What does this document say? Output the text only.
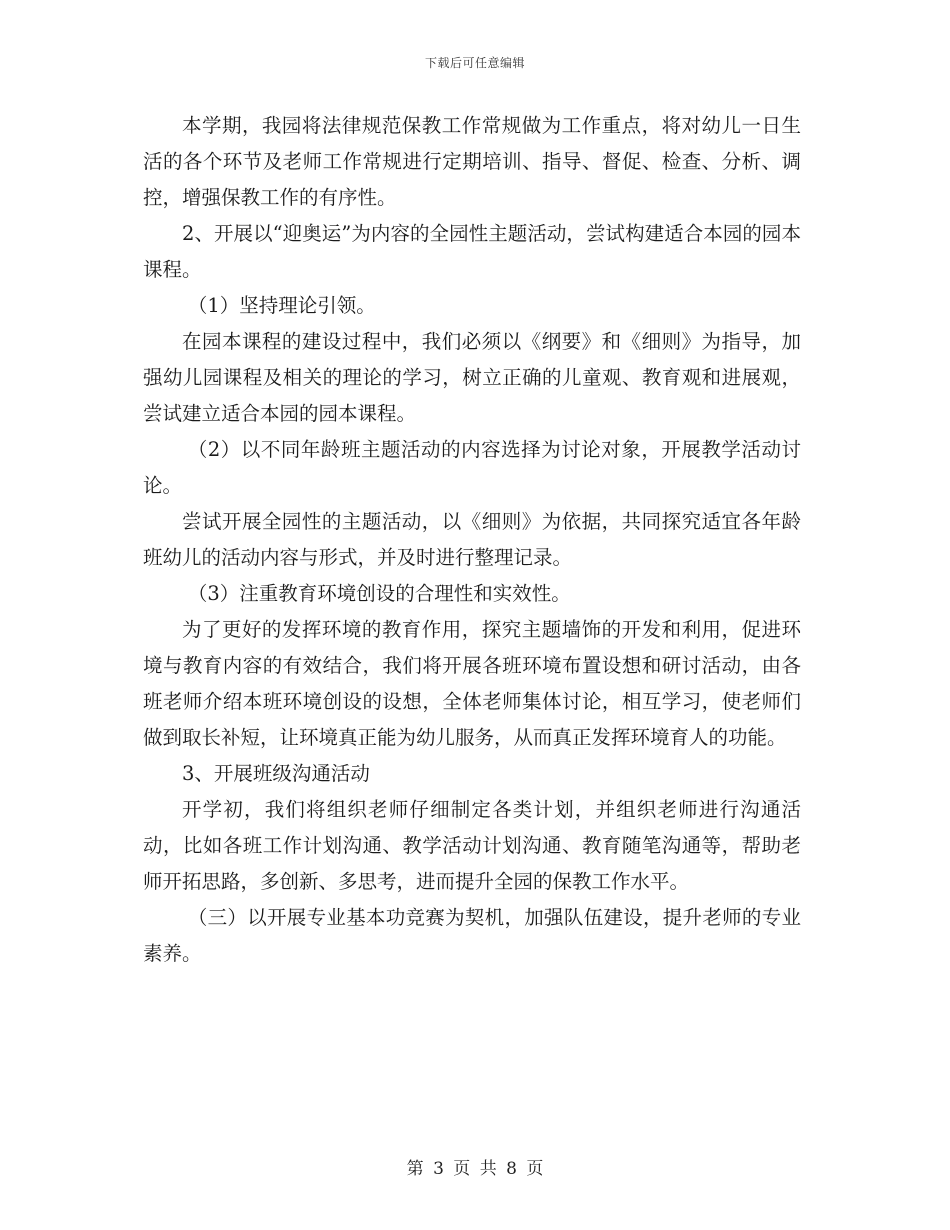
下载后可任意编辑

本学期，我园将法律规范保教工作常规做为工作重点，将对幼儿一日生活的各个环节及老师工作常规进行定期培训、指导、督促、检查、分析、调控，增强保教工作的有序性。

2、开展以“迎奥运”为内容的全园性主题活动，尝试构建适合本园的园本课程。

（1）坚持理论引领。

在园本课程的建设过程中，我们必须以《纲要》和《细则》为指导，加强幼儿园课程及相关的理论的学习，树立正确的儿童观、教育观和进展观，尝试建立适合本园的园本课程。

（2）以不同年龄班主题活动的内容选择为讨论对象，开展教学活动讨论。

尝试开展全园性的主题活动，以《细则》为依据，共同探究适宜各年龄班幼儿的活动内容与形式，并及时进行整理记录。

（3）注重教育环境创设的合理性和实效性。

为了更好的发挥环境的教育作用，探究主题墙饰的开发和利用，促进环境与教育内容的有效结合，我们将开展各班环境布置设想和研讨活动，由各班老师介绍本班环境创设的设想，全体老师集体讨论，相互学习，使老师们做到取长补短，让环境真正能为幼儿服务，从而真正发挥环境育人的功能。

3、开展班级沟通活动

开学初，我们将组织老师仔细制定各类计划，并组织老师进行沟通活动，比如各班工作计划沟通、教学活动计划沟通、教育随笔沟通等，帮助老师开拓思路，多创新、多思考，进而提升全园的保教工作水平。

（三）以开展专业基本功竞赛为契机，加强队伍建设，提升老师的专业素养。

第 3 页 共 8 页
